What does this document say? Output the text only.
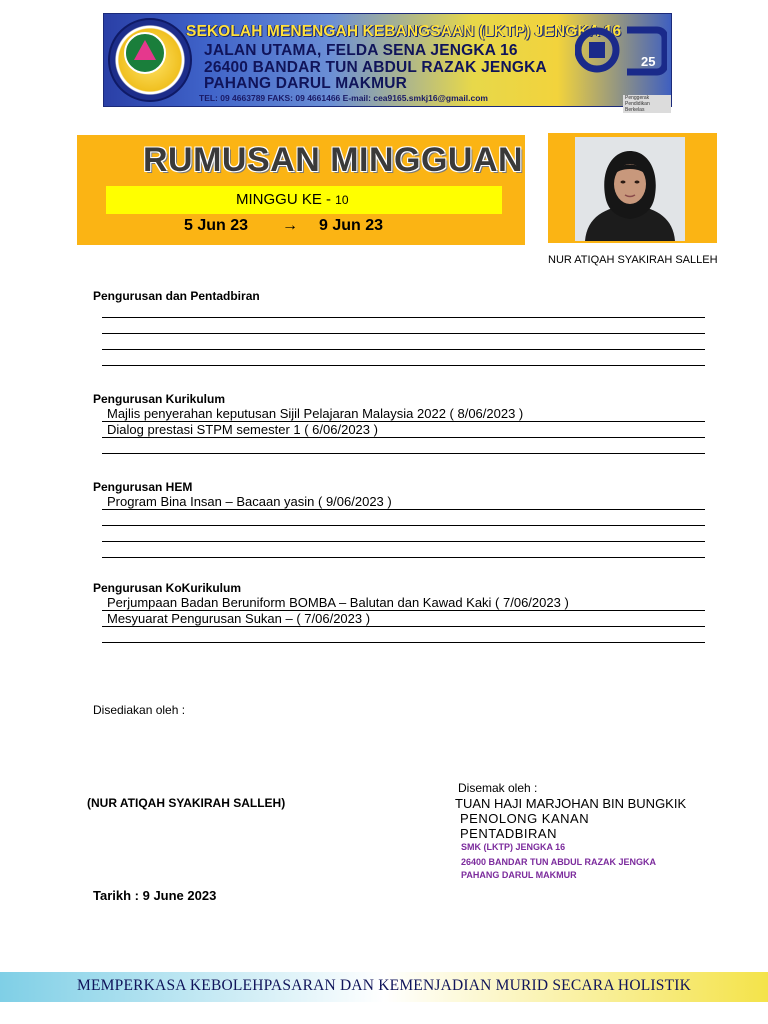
SEKOLAH MENENGAH KEBANGSAAN (LKTP) JENGKA 16
JALAN UTAMA, FELDA SENA JENGKA 16
26400 BANDAR TUN ABDUL RAZAK JENGKA
PAHANG DARUL MAKMUR
TEL: 09 4663789 FAKS: 09 4661466 E-mail: cea9165.smkj16@gmail.com
25
Penggerak Pendidikan Berkelas
RUMUSAN MINGGUAN
MINGGU KE - 10
5 Jun 23 → 9 Jun 23
NUR ATIQAH SYAKIRAH SALLEH
Pengurusan dan Pentadbiran
Pengurusan Kurikulum
Majlis penyerahan keputusan Sijil Pelajaran Malaysia 2022 ( 8/06/2023 )
Dialog prestasi STPM semester 1 ( 6/06/2023 )
Pengurusan HEM
Program Bina Insan – Bacaan yasin ( 9/06/2023 )
Pengurusan KoKurikulum
Perjumpaan Badan Beruniform BOMBA – Balutan dan Kawad Kaki ( 7/06/2023 )
Mesyuarat Pengurusan Sukan – ( 7/06/2023 )
Disediakan oleh :
(NUR ATIQAH SYAKIRAH SALLEH)
Disemak oleh :
TUAN HAJI MARJOHAN BIN BUNGKIK
PENOLONG KANAN
PENTADBIRAN
SMK (LKTP) JENGKA 16
26400 BANDAR TUN ABDUL RAZAK JENGKA
PAHANG DARUL MAKMUR
Tarikh : 9 June 2023
MEMPERKASA KEBOLEHPASARAN DAN KEMENJADIAN MURID SECARA HOLISTIK
